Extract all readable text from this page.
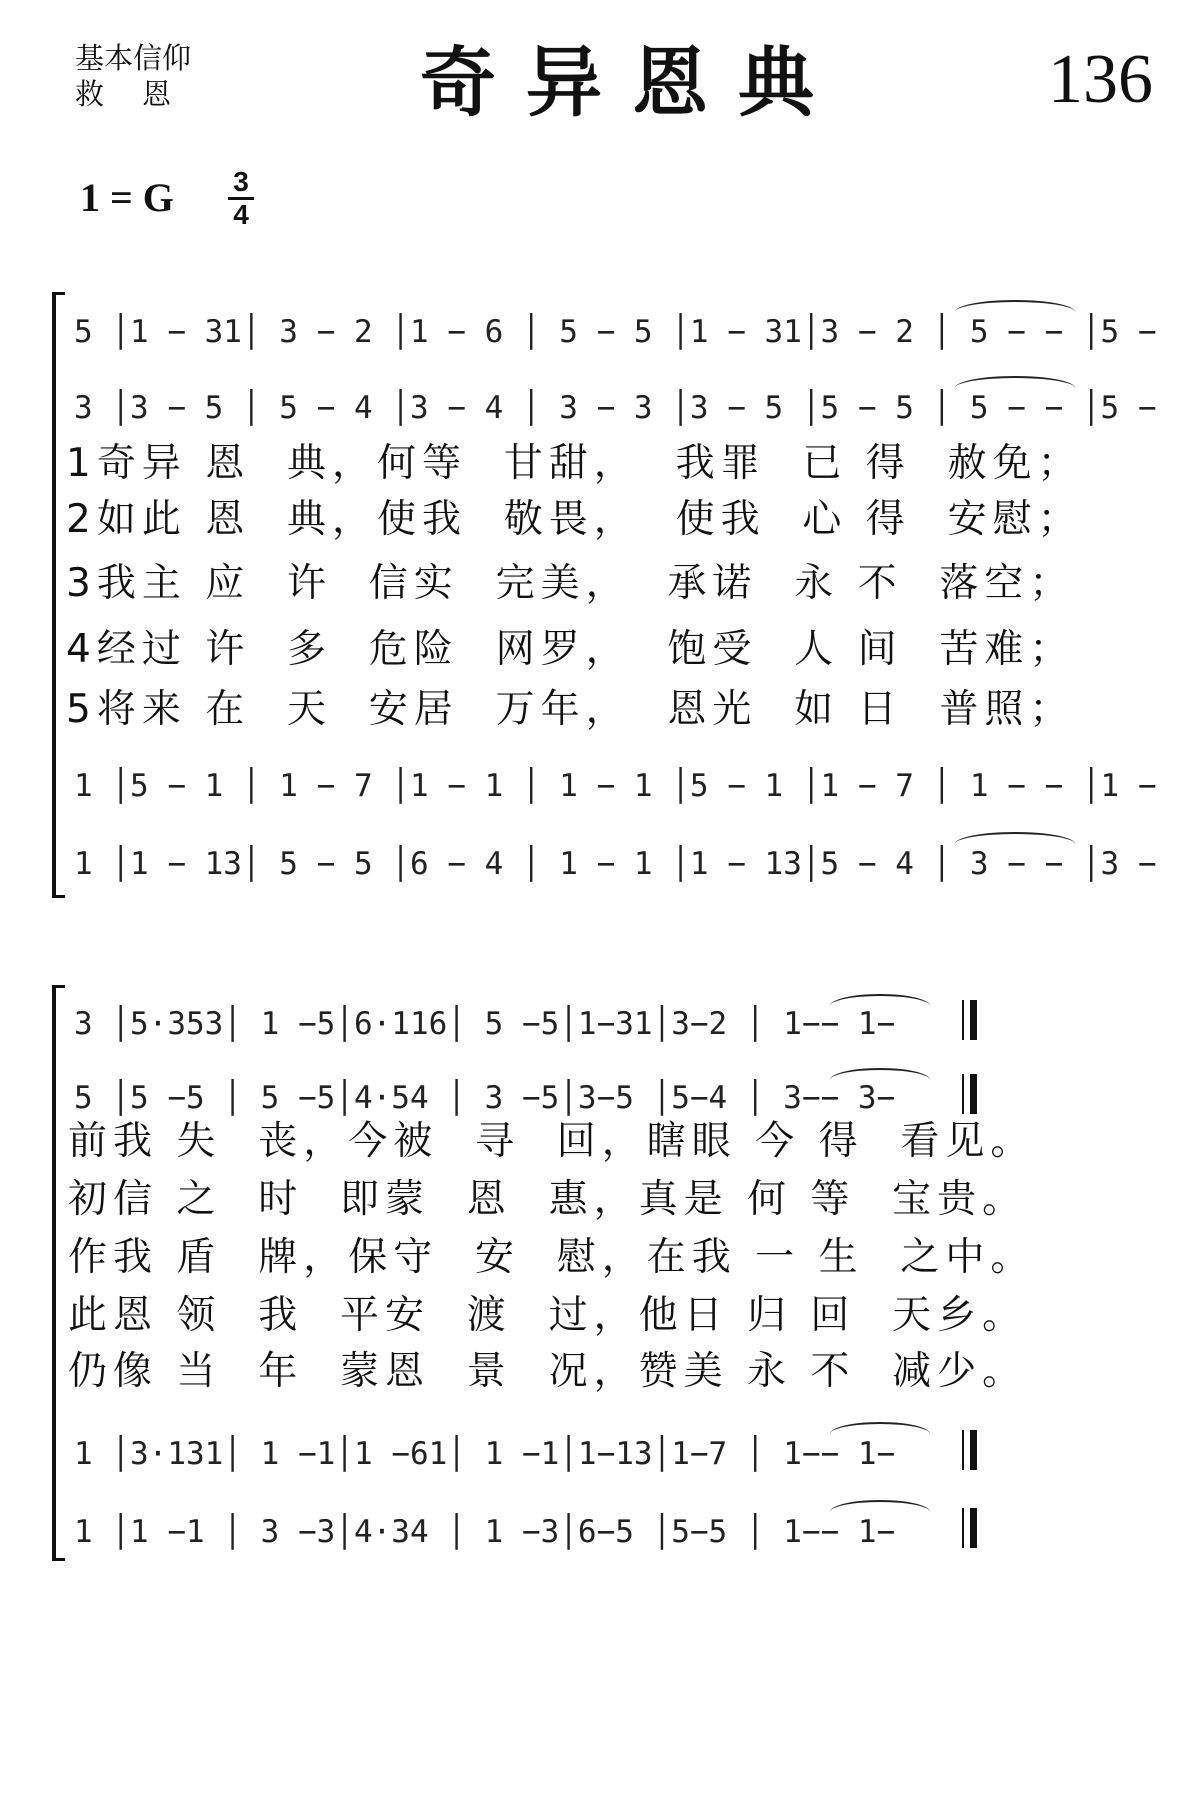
基本信仰
救恩	奇异恩典	136
1 = G 3
4
5 │1 − 31│ 3 − 2 │1 − 6 │ 5 − 5 │1 − 31│3 − 2 │ 5 − − │5 −
3 │3 − 5 │ 5 − 4 │3 − 4 │ 3 − 3 │3 − 5 │5 − 5 │ 5 − − │5 −
1奇异 恩  典，何等  甘甜，  我罪  已 得  赦免；
2如此 恩  典，使我  敬畏，  使我  心 得  安慰；
3我主 应  许  信实  完美，  承诺  永 不  落空；
4经过 许  多  危险  网罗，  饱受  人 间  苦难；
5将来 在  天  安居  万年，  恩光  如 日  普照；
1 │5 − 1 │ 1 − 7 │1 − 1 │ 1 − 1 │5 − 1 │1 − 7 │ 1 − − │1 −
1 │1 − 13│ 5 − 5 │6 − 4 │ 1 − 1 │1 − 13│5 − 4 │ 3 − − │3 −
3 │5·353│ 1 −5│6·116│ 5 −5│1−31│3−2 │ 1−− 1−
5 │5 −5 │ 5 −5│4·54 │ 3 −5│3−5 │5−4 │ 3−− 3−
前我 失  丧，今被  寻  回，瞎眼 今 得  看见。
初信 之  时  即蒙  恩  惠，真是 何 等  宝贵。
作我 盾  牌，保守  安  慰，在我 一 生  之中。
此恩 领  我  平安  渡  过，他日 归 回  天乡。
仍像 当  年  蒙恩  景  况，赞美 永 不  减少。
1 │3·131│ 1 −1│1 −61│ 1 −1│1−13│1−7 │ 1−− 1−
1 │1 −1 │ 3 −3│4·34 │ 1 −3│6−5 │5−5 │ 1−− 1−
